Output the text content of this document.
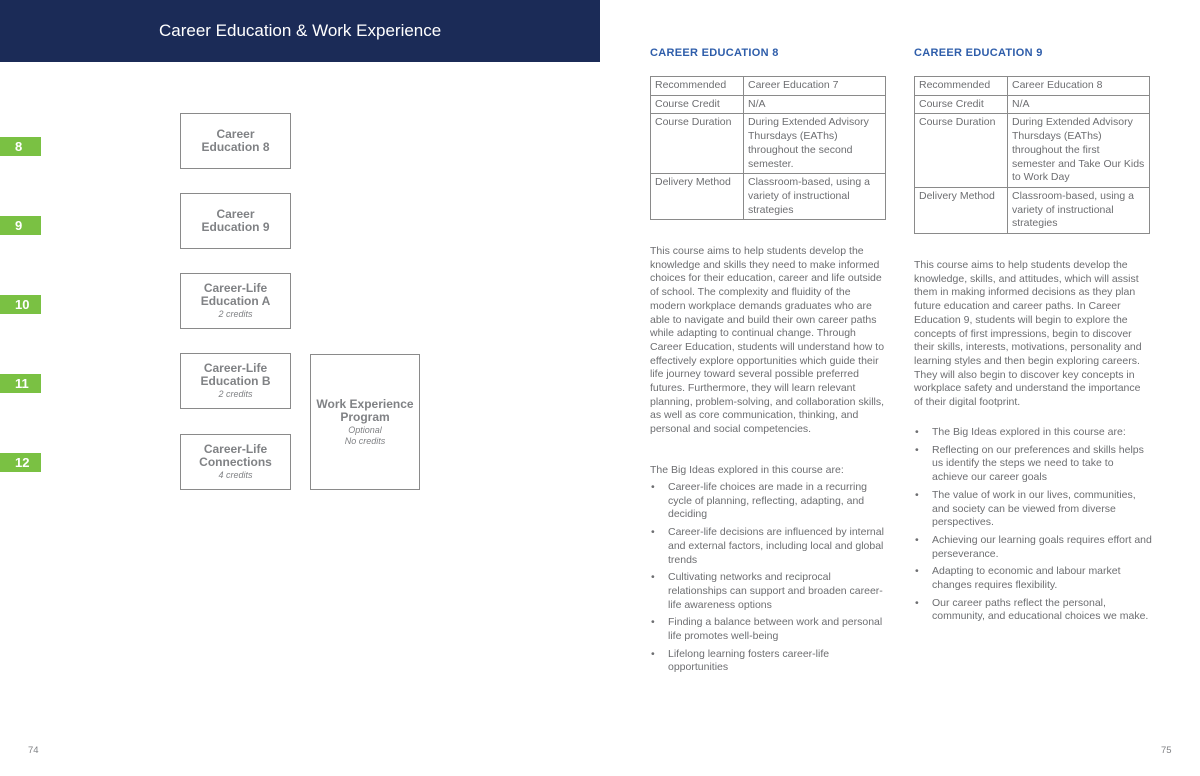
Career Education & Work Experience
8
9
10
11
12
Career
Education 8
Career
Education 9
Career-Life
Education A
2 credits
Career-Life
Education B
2 credits
Career-Life
Connections
4 credits
Work Experience
Program
Optional
No credits
CAREER EDUCATION 8
Recommended	Career Education 7
Course Credit	N/A
Course Duration	During Extended Advisory Thursdays (EAThs) throughout the second semester.
Delivery Method	Classroom-based, using a variety of instructional strategies
This course aims to help students develop the knowledge and skills they need to make informed choices for their education, career and life outside of school. The complexity and fluidity of the modern workplace demands graduates who are able to navigate and build their own career paths while adapting to continual change. Through Career Education, students will understand how to effectively explore opportunities which guide their life journey toward several possible preferred futures. Furthermore, they will learn relevant planning, problem-solving, and collaboration skills, as well as core communication, thinking, and personal and social competencies.
The Big Ideas explored in this course are:
• Career-life choices are made in a recurring cycle of planning, reflecting, adapting, and deciding
• Career-life decisions are influenced by internal and external factors, including local and global trends
• Cultivating networks and reciprocal relationships can support and broaden career-life awareness options
• Finding a balance between work and personal life promotes well-being
• Lifelong learning fosters career-life opportunities
CAREER EDUCATION 9
Recommended	Career Education 8
Course Credit	N/A
Course Duration	During Extended Advisory Thursdays (EAThs) throughout the first semester and Take Our Kids to Work Day
Delivery Method	Classroom-based, using a variety of instructional strategies
This course aims to help students develop the knowledge, skills, and attitudes, which will assist them in making informed decisions as they plan future education and career paths. In Career Education 9, students will begin to explore the concepts of first impressions, begin to discover their skills, interests, motivations, personality and learning styles and then begin exploring careers. They will also begin to discover key concepts in workplace safety and understand the importance of their digital footprint.
• The Big Ideas explored in this course are:
• Reflecting on our preferences and skills helps us identify the steps we need to take to achieve our career goals
• The value of work in our lives, communities, and society can be viewed from diverse perspectives.
• Achieving our learning goals requires effort and perseverance.
• Adapting to economic and labour market changes requires flexibility.
• Our career paths reflect the personal, community, and educational choices we make.
74	75
